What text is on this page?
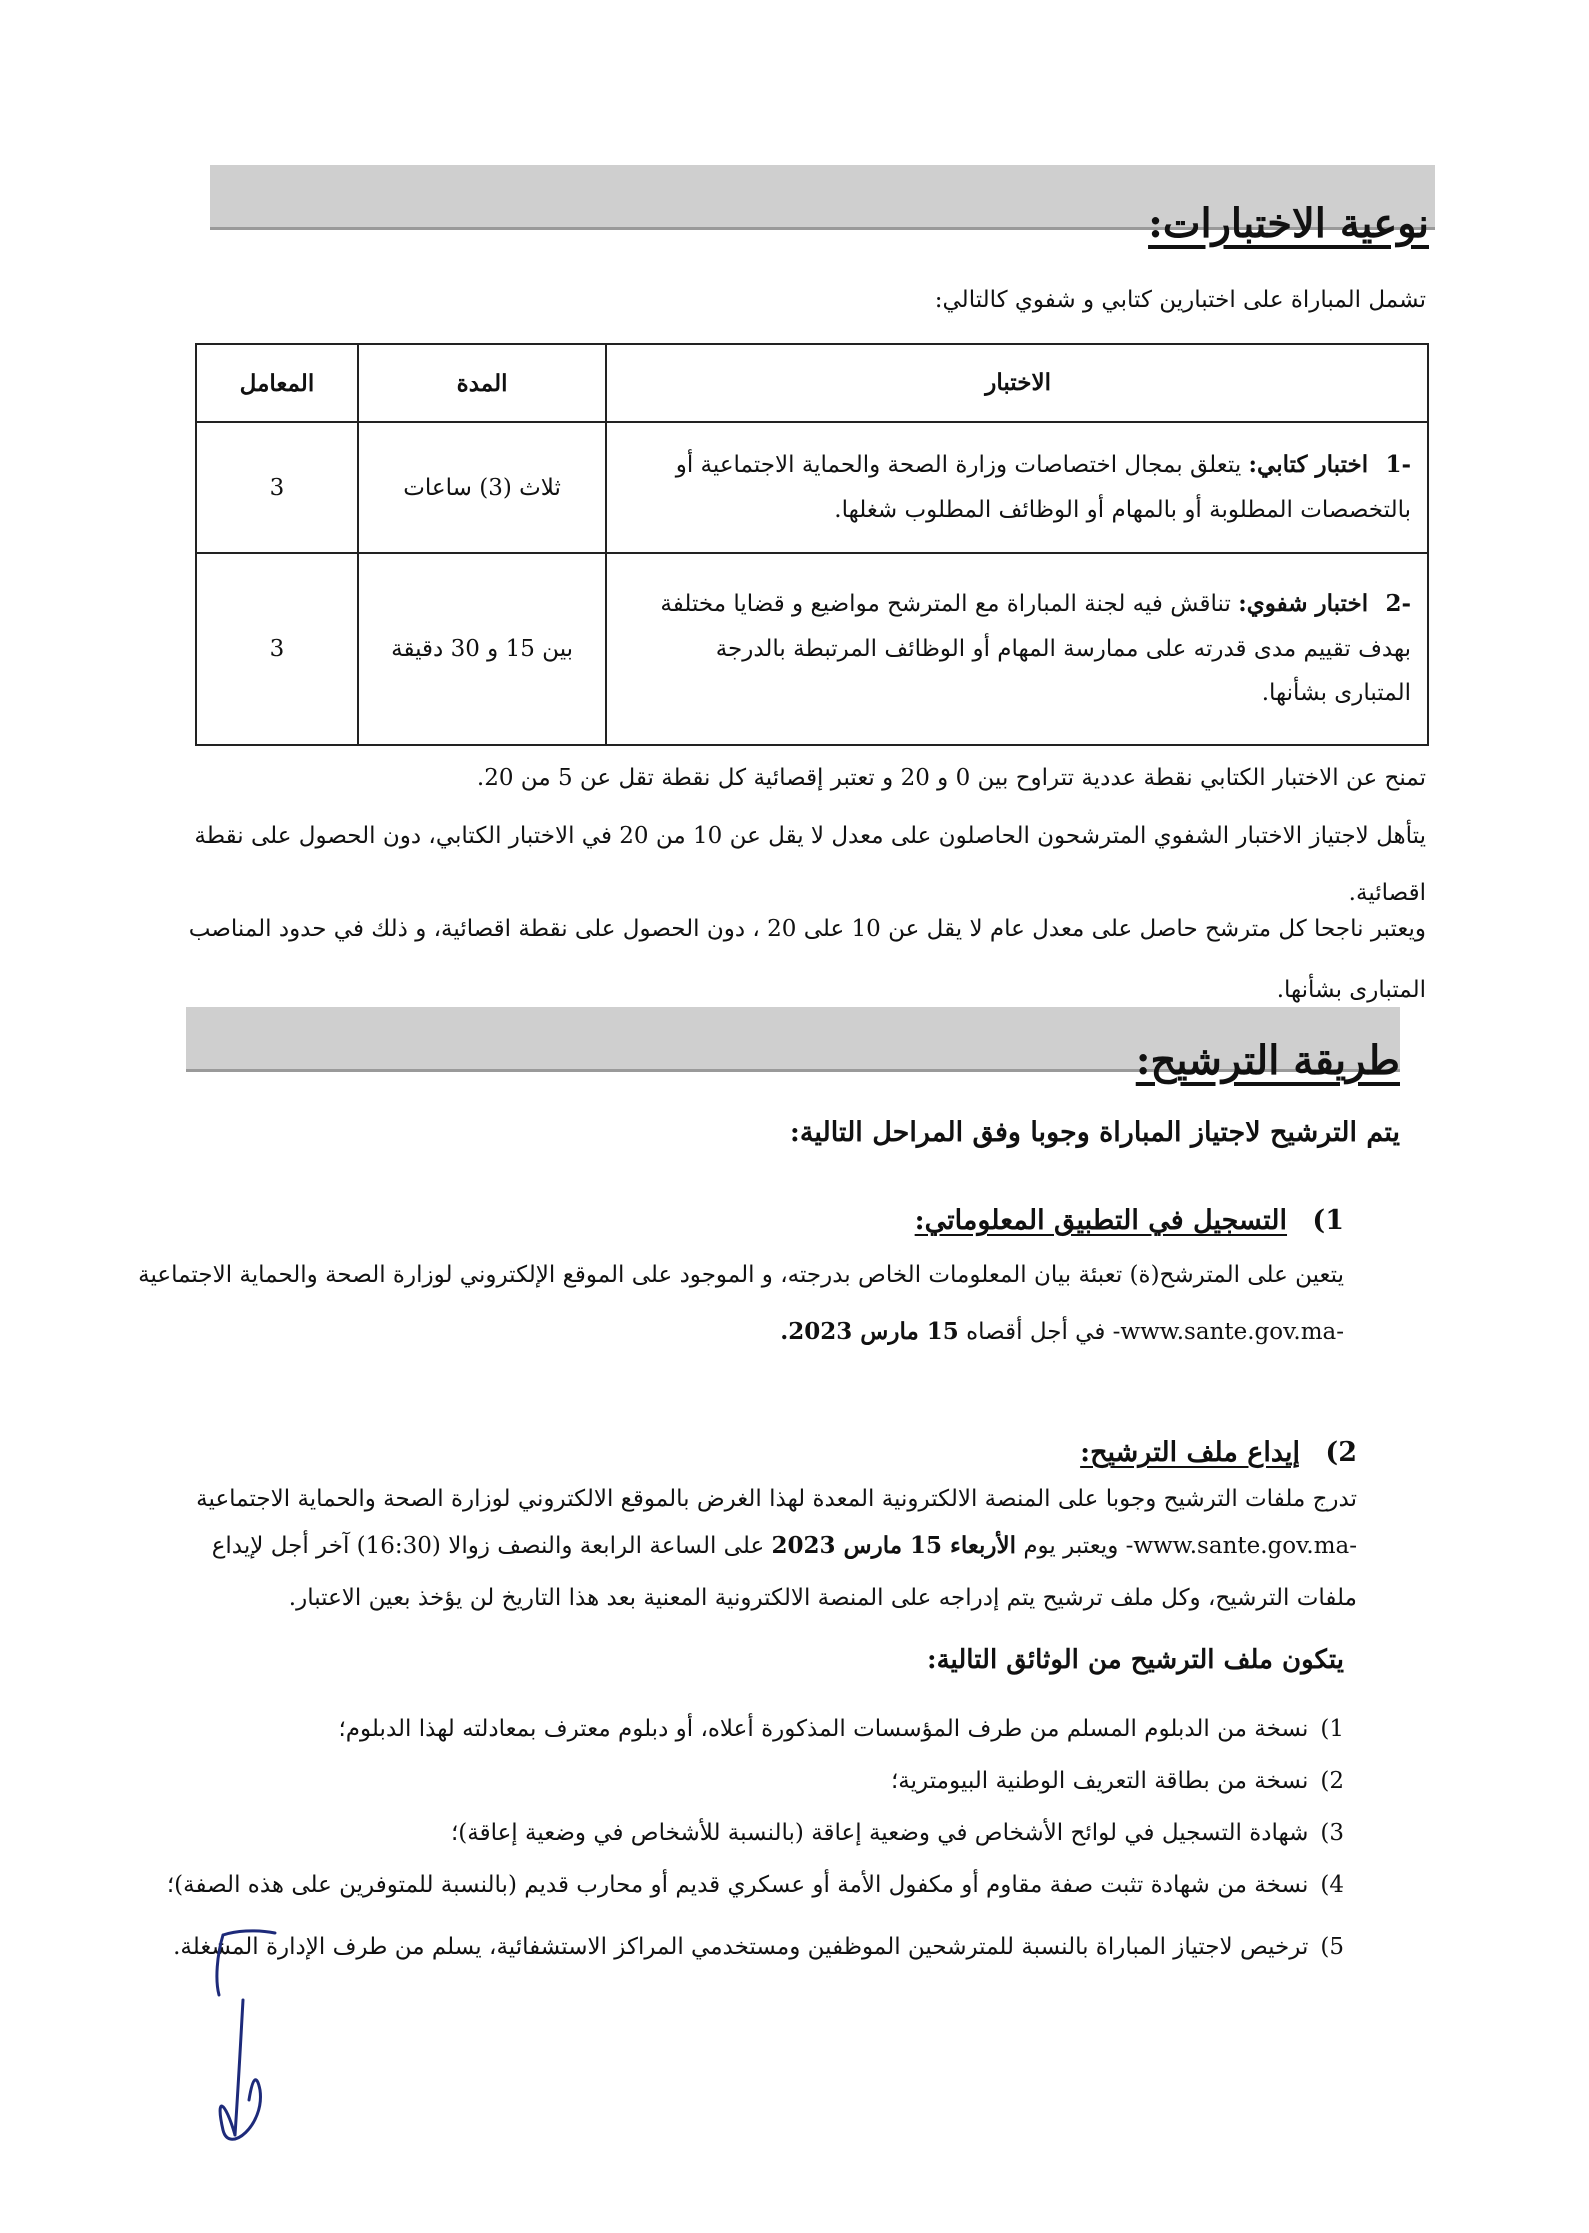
نوعية الاختبارات:
تشمل المباراة على اختبارين كتابي و شفوي كالتالي:
الاختبار	المدة	المعامل
-1 اختبار كتابي: يتعلق بمجال اختصاصات وزارة الصحة والحماية الاجتماعية أو
بالتخصصات المطلوبة أو بالمهام أو الوظائف المطلوب شغلها.	ثلاث (3) ساعات	3
-2 اختبار شفوي: تناقش فيه لجنة المباراة مع المترشح مواضيع و قضايا مختلفة
بهدف تقييم مدى قدرته على ممارسة المهام أو الوظائف المرتبطة بالدرجة
المتبارى بشأنها.	بين 15 و 30 دقيقة	3
تمنح عن الاختبار الكتابي نقطة عددية تتراوح بين 0 و 20 و تعتبر إقصائية كل نقطة تقل عن 5 من 20.
يتأهل لاجتياز الاختبار الشفوي المترشحون الحاصلون على معدل لا يقل عن 10 من 20 في الاختبار الكتابي، دون الحصول على نقطة
اقصائية.
ويعتبر ناجحا كل مترشح حاصل على معدل عام لا يقل عن 10 على 20 ، دون الحصول على نقطة اقصائية، و ذلك في حدود المناصب
المتبارى بشأنها.
طريقة الترشيح:
يتم الترشيح لاجتياز المباراة وجوبا وفق المراحل التالية:
1) التسجيل في التطبيق المعلوماتي:
يتعين على المترشح(ة) تعبئة بيان المعلومات الخاص بدرجته، و الموجود على الموقع الإلكتروني لوزارة الصحة والحماية الاجتماعية
-www.sante.gov.ma- في أجل أقصاه 15 مارس 2023.
2) إيداع ملف الترشيح:
تدرج ملفات الترشيح وجوبا على المنصة الالكترونية المعدة لهذا الغرض بالموقع الالكتروني لوزارة الصحة والحماية الاجتماعية
-www.sante.gov.ma- ويعتبر يوم الأربعاء 15 مارس 2023 على الساعة الرابعة والنصف زوالا (16:30) آخر أجل لإيداع
ملفات الترشيح، وكل ملف ترشيح يتم إدراجه على المنصة الالكترونية المعنية بعد هذا التاريخ لن يؤخذ بعين الاعتبار.
يتكون ملف الترشيح من الوثائق التالية:
1)نسخة من الدبلوم المسلم من طرف المؤسسات المذكورة أعلاه، أو دبلوم معترف بمعادلته لهذا الدبلوم؛
2)نسخة من بطاقة التعريف الوطنية البيومترية؛
3)شهادة التسجيل في لوائح الأشخاص في وضعية إعاقة (بالنسبة للأشخاص في وضعية إعاقة)؛
4)نسخة من شهادة تثبت صفة مقاوم أو مكفول الأمة أو عسكري قديم أو محارب قديم (بالنسبة للمتوفرين على هذه الصفة)؛
5)ترخيص لاجتياز المباراة بالنسبة للمترشحين الموظفين ومستخدمي المراكز الاستشفائية، يسلم من طرف الإدارة المشغلة.
